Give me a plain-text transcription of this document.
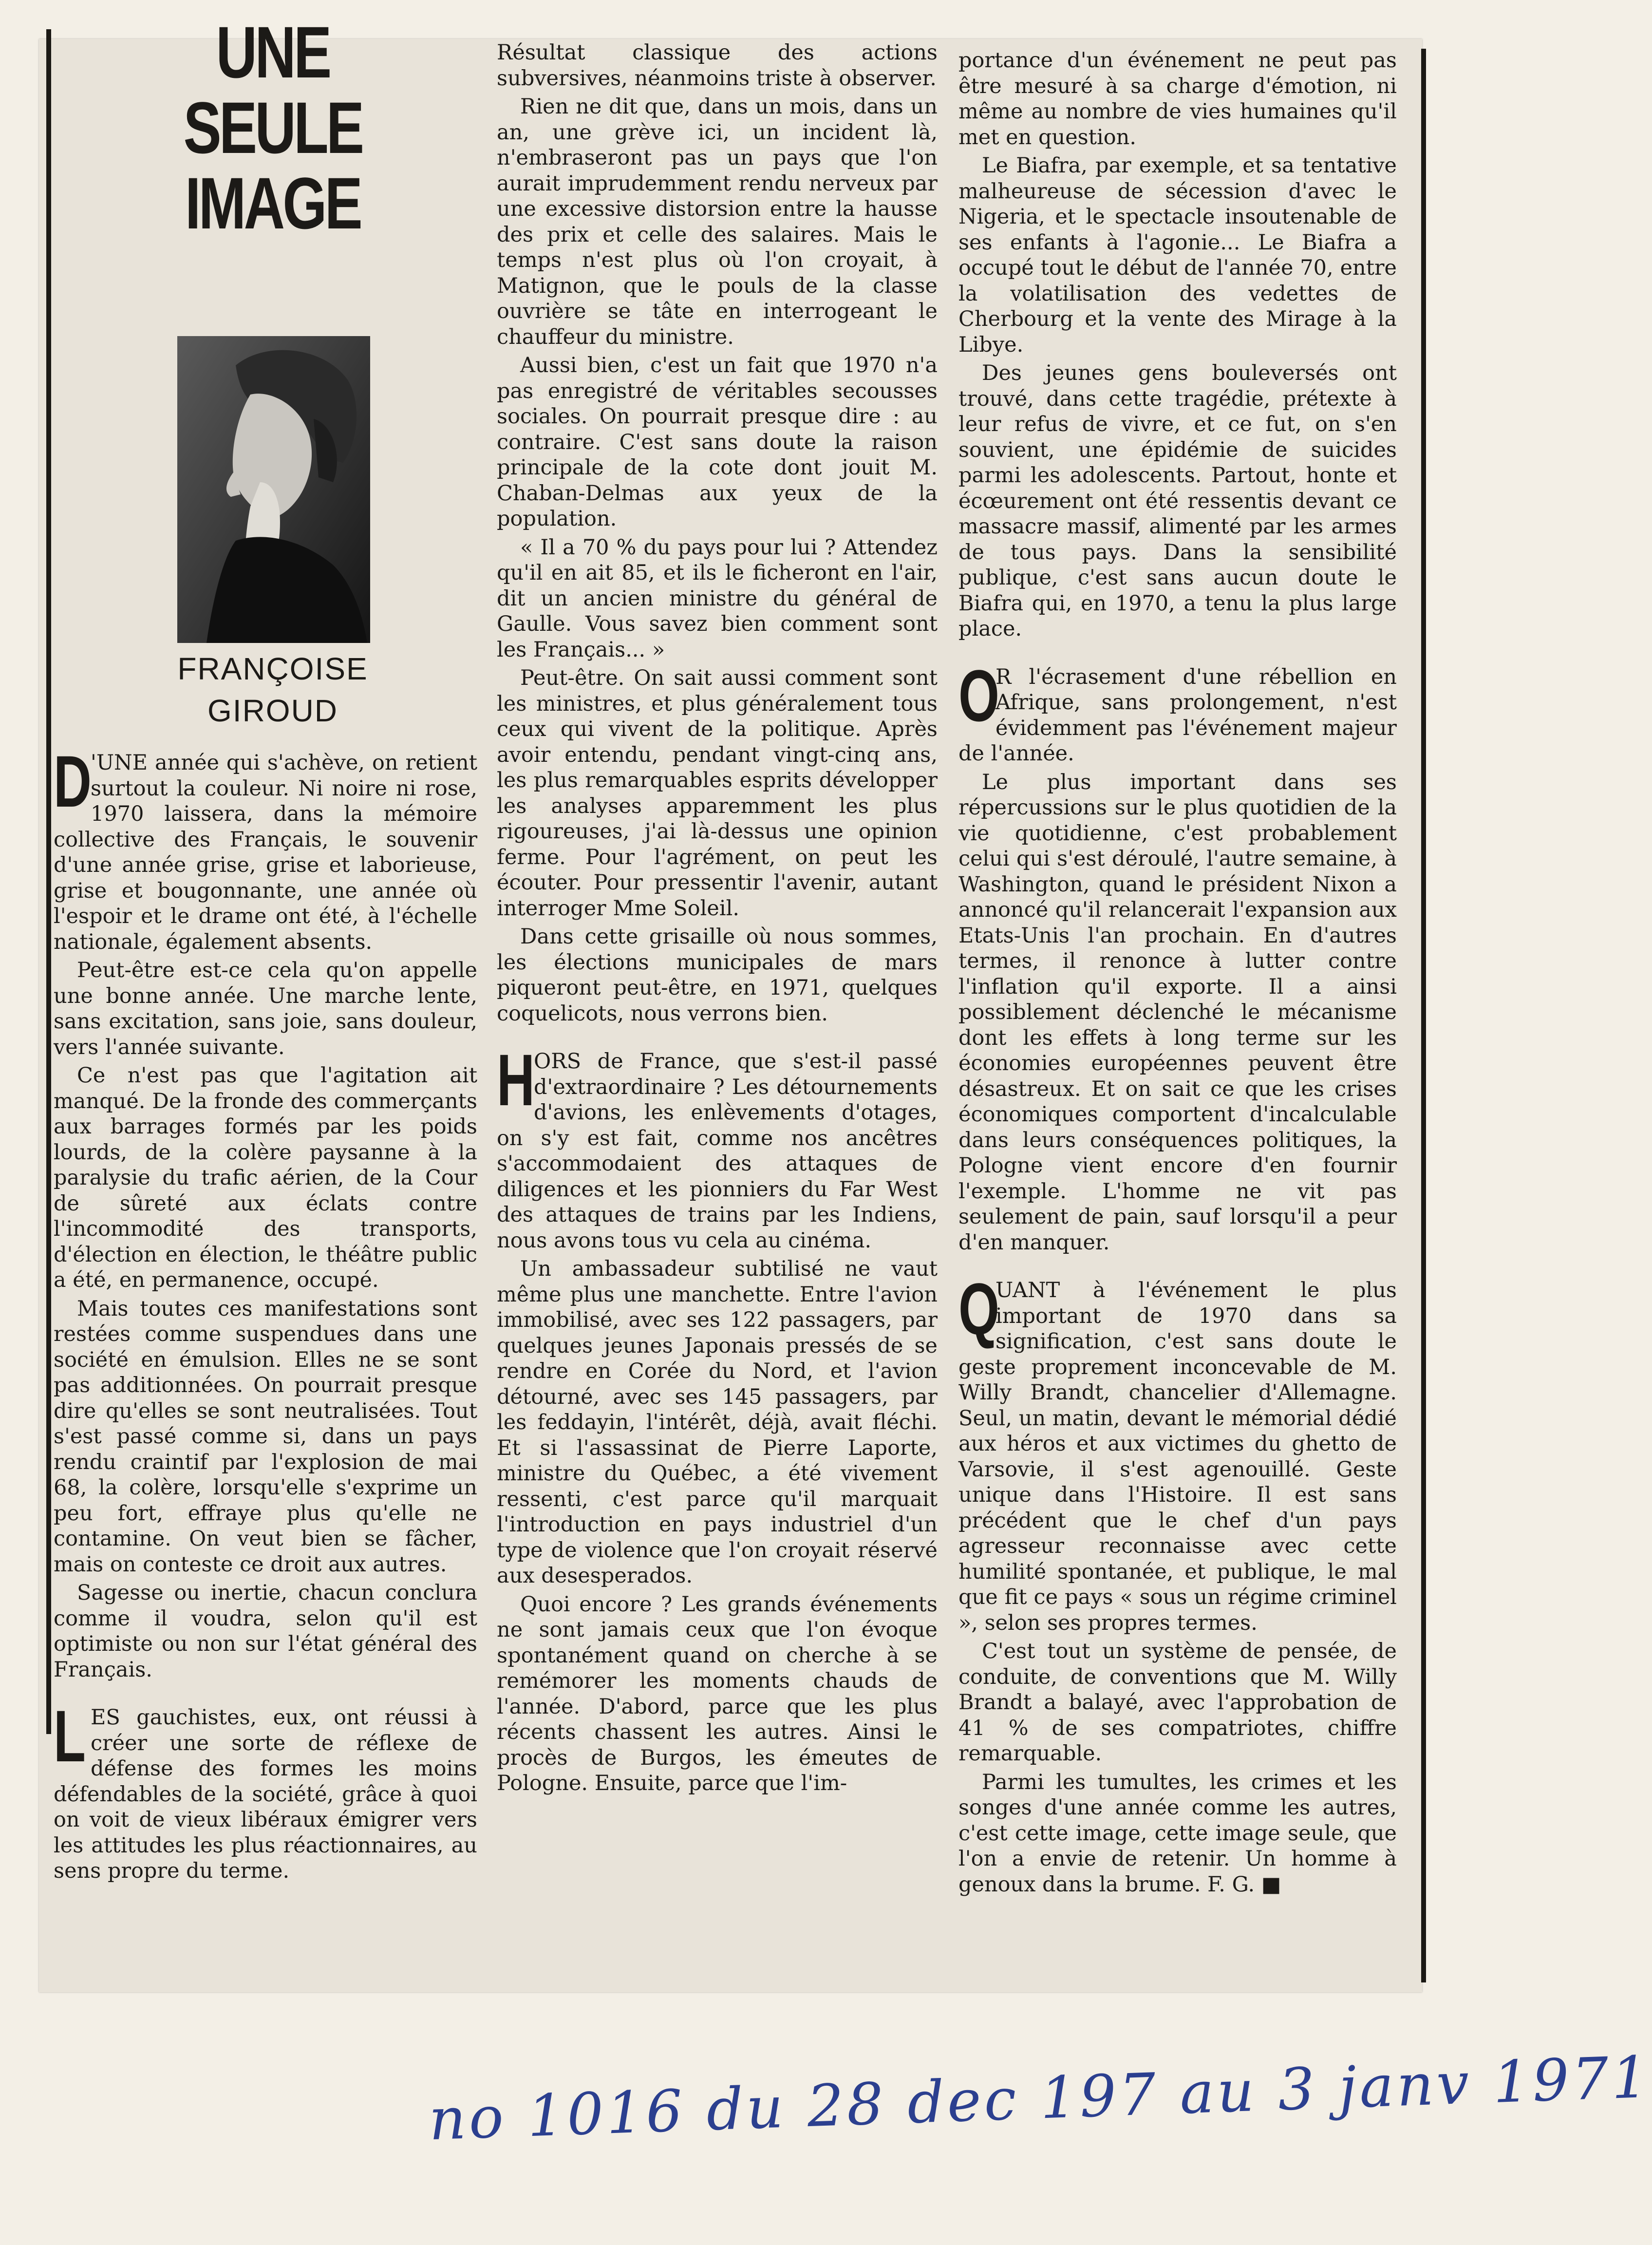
UNE
SEULE
IMAGE
FRANÇOISE
GIROUD

D
'UNE année qui s'achève, on retient surtout la couleur. Ni noire ni rose, 1970 laissera, dans la mémoire collective des Français, le souvenir d'une année grise, grise et laborieuse, grise et bougonnante, une année où l'espoir et le drame ont été, à l'échelle nationale, également absents.

Peut-être est-ce cela qu'on appelle une bonne année. Une marche lente, sans excitation, sans joie, sans douleur, vers l'année suivante.

Ce n'est pas que l'agitation ait manqué. De la fronde des commerçants aux barrages formés par les poids lourds, de la colère paysanne à la paralysie du trafic aérien, de la Cour de sûreté aux éclats contre l'incommodité des transports, d'élection en élection, le théâtre public a été, en permanence, occupé.

Mais toutes ces manifestations sont restées comme suspendues dans une société en émulsion. Elles ne se sont pas additionnées. On pourrait presque dire qu'elles se sont neutralisées. Tout s'est passé comme si, dans un pays rendu craintif par l'explosion de mai 68, la colère, lorsqu'elle s'exprime un peu fort, effraye plus qu'elle ne contamine. On veut bien se fâcher, mais on conteste ce droit aux autres.

Sagesse ou inertie, chacun conclura comme il voudra, selon qu'il est optimiste ou non sur l'état général des Français.

LES gauchistes, eux, ont réussi à créer une sorte de réflexe de défense des formes les moins défendables de la société, grâce à quoi on voit de vieux libéraux émigrer vers les attitudes les plus réactionnaires, au sens propre du terme.

Résultat classique des actions subversives, néanmoins triste à observer.

Rien ne dit que, dans un mois, dans un an, une grève ici, un incident là, n'embraseront pas un pays que l'on aurait imprudemment rendu nerveux par une excessive distorsion entre la hausse des prix et celle des salaires. Mais le temps n'est plus où l'on croyait, à Matignon, que le pouls de la classe ouvrière se tâte en interrogeant le chauffeur du ministre.

Aussi bien, c'est un fait que 1970 n'a pas enregistré de véritables secousses sociales. On pourrait presque dire : au contraire. C'est sans doute la raison principale de la cote dont jouit M. Chaban-Delmas aux yeux de la population.

« Il a 70 % du pays pour lui ? Attendez qu'il en ait 85, et ils le ficheront en l'air, dit un ancien ministre du général de Gaulle. Vous savez bien comment sont les Français... »

Peut-être. On sait aussi comment sont les ministres, et plus généralement tous ceux qui vivent de la politique. Après avoir entendu, pendant vingt-cinq ans, les plus remarquables esprits développer les analyses apparemment les plus rigoureuses, j'ai là-dessus une opinion ferme. Pour l'agrément, on peut les écouter. Pour pressentir l'avenir, autant interroger Mme Soleil.

Dans cette grisaille où nous sommes, les élections municipales de mars piqueront peut-être, en 1971, quelques coquelicots, nous verrons bien.

H
ORS de France, que s'est-il passé d'extraordinaire ? Les détournements d'avions, les enlèvements d'otages, on s'y est fait, comme nos ancêtres s'accommodaient des attaques de diligences et les pionniers du Far West des attaques de trains par les Indiens, nous avons tous vu cela au cinéma.

Un ambassadeur subtilisé ne vaut même plus une manchette. Entre l'avion immobilisé, avec ses 122 passagers, par quelques jeunes Japonais pressés de se rendre en Corée du Nord, et l'avion détourné, avec ses 145 passagers, par les feddayin, l'intérêt, déjà, avait fléchi. Et si l'assassinat de Pierre Laporte, ministre du Québec, a été vivement ressenti, c'est parce qu'il marquait l'introduction en pays industriel d'un type de violence que l'on croyait réservé aux desesperados.

Quoi encore ? Les grands événements ne sont jamais ceux que l'on évoque spontanément quand on cherche à se remémorer les moments chauds de l'année. D'abord, parce que les plus récents chassent les autres. Ainsi le procès de Burgos, les émeutes de Pologne. Ensuite, parce que l'im-

portance d'un événement ne peut pas être mesuré à sa charge d'émotion, ni même au nombre de vies humaines qu'il met en question.

Le Biafra, par exemple, et sa tentative malheureuse de sécession d'avec le Nigeria, et le spectacle insoutenable de ses enfants à l'agonie... Le Biafra a occupé tout le début de l'année 70, entre la volatilisation des vedettes de Cherbourg et la vente des Mirage à la Libye.

Des jeunes gens bouleversés ont trouvé, dans cette tragédie, prétexte à leur refus de vivre, et ce fut, on s'en souvient, une épidémie de suicides parmi les adolescents. Partout, honte et écœurement ont été ressentis devant ce massacre massif, alimenté par les armes de tous pays. Dans la sensibilité publique, c'est sans aucun doute le Biafra qui, en 1970, a tenu la plus large place.

O
R l'écrasement d'une rébellion en Afrique, sans prolongement, n'est évidemment pas l'événement majeur de l'année.

Le plus important dans ses répercussions sur le plus quotidien de la vie quotidienne, c'est probablement celui qui s'est déroulé, l'autre semaine, à Washington, quand le président Nixon a annoncé qu'il relancerait l'expansion aux Etats-Unis l'an prochain. En d'autres termes, il renonce à lutter contre l'inflation qu'il exporte. Il a ainsi possiblement déclenché le mécanisme dont les effets à long terme sur les économies européennes peuvent être désastreux. Et on sait ce que les crises économiques comportent d'incalculable dans leurs conséquences politiques, la Pologne vient encore d'en fournir l'exemple. L'homme ne vit pas seulement de pain, sauf lorsqu'il a peur d'en manquer.

Q
UANT à l'événement le plus important de 1970 dans sa signification, c'est sans doute le geste proprement inconcevable de M. Willy Brandt, chancelier d'Allemagne. Seul, un matin, devant le mémorial dédié aux héros et aux victimes du ghetto de Varsovie, il s'est agenouillé. Geste unique dans l'Histoire. Il est sans précédent que le chef d'un pays agresseur reconnaisse avec cette humilité spontanée, et publique, le mal que fit ce pays « sous un régime criminel », selon ses propres termes.

C'est tout un système de pensée, de conduite, de conventions que M. Willy Brandt a balayé, avec l'approbation de 41 % de ses compatriotes, chiffre remarquable.

Parmi les tumultes, les crimes et les songes d'une année comme les autres, c'est cette image, cette image seule, que l'on a envie de retenir. Un homme à genoux dans la brume. F. G. ■

no 1016 du 28 dec 197 au 3 janv 1971
